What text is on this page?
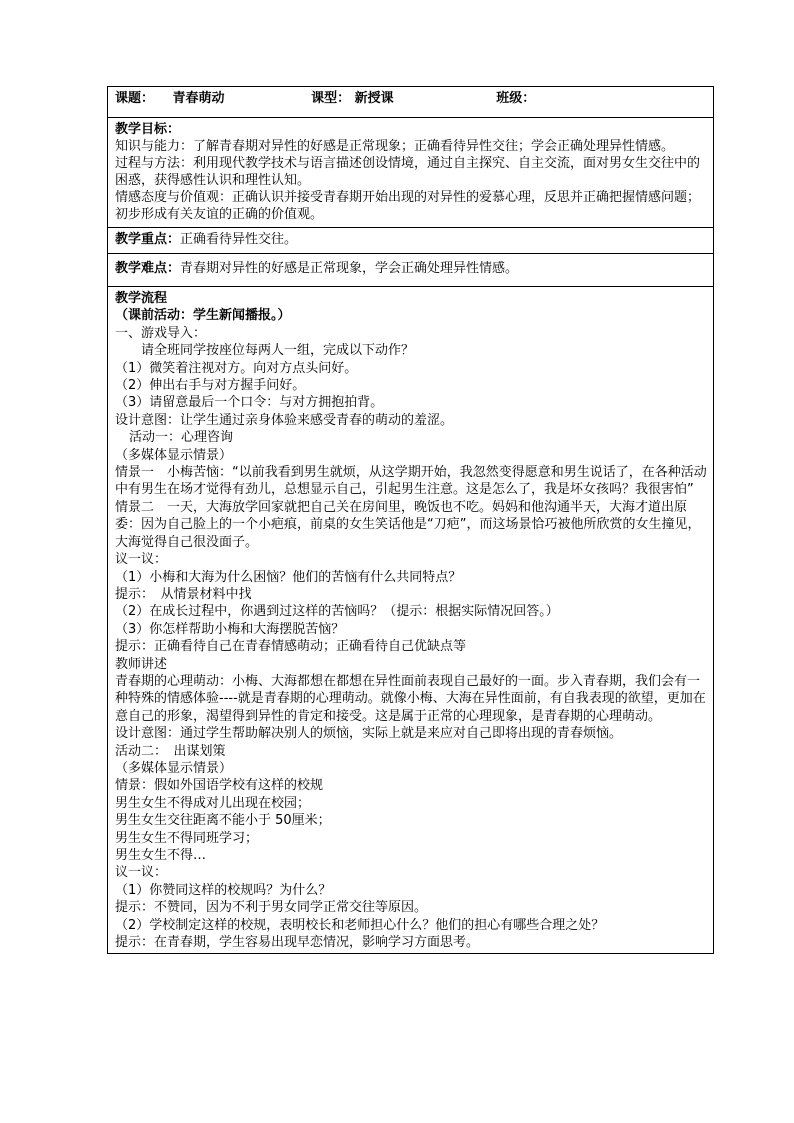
课题： 青春萌动	课型： 新授课	班级：

教学目标：
知识与能力：了解青春期对异性的好感是正常现象；正确看待异性交往；学会正确处理异性情感。
过程与方法：利用现代教学技术与语言描述创设情境，通过自主探究、自主交流，面对男女生交往中的困惑，获得感性认识和理性认知。
情感态度与价值观：正确认识并接受青春期开始出现的对异性的爱慕心理，反思并正确把握情感问题；初步形成有关友谊的正确的价值观。

教学重点：正确看待异性交往。
教学难点：青春期对异性的好感是正常现象，学会正确处理异性情感。

教学流程
（课前活动：学生新闻播报。）
一、游戏导入：
请全班同学按座位每两人一组，完成以下动作？
（1）微笑着注视对方。向对方点头问好。
（2）伸出右手与对方握手问好。
（3）请留意最后一个口令：与对方拥抱拍背。
设计意图：让学生通过亲身体验来感受青春的萌动的羞涩。
活动一：心理咨询
（多媒体显示情景）
情景一　小梅苦恼：“以前我看到男生就烦，从这学期开始，我忽然变得愿意和男生说话了，在各种活动中有男生在场才觉得有劲儿，总想显示自己，引起男生注意。这是怎么了，我是坏女孩吗？我很害怕”
情景二　一天，大海放学回家就把自己关在房间里，晚饭也不吃。妈妈和他沟通半天，大海才道出原委：因为自己脸上的一个小疤痕，前桌的女生笑话他是“刀疤”，而这场景恰巧被他所欣赏的女生撞见，大海觉得自己很没面子。
议一议：
（1）小梅和大海为什么困恼？他们的苦恼有什么共同特点？
提示：　从情景材料中找
（2）在成长过程中，你遇到过这样的苦恼吗？（提示：根据实际情况回答。）
（3）你怎样帮助小梅和大海摆脱苦恼？
提示：正确看待自己在青春情感萌动；正确看待自己优缺点等
教师讲述
青春期的心理萌动：小梅、大海都想在都想在异性面前表现自己最好的一面。步入青春期，我们会有一种特殊的情感体验----就是青春期的心理萌动。就像小梅、大海在异性面前，有自我表现的欲望，更加在意自己的形象，渴望得到异性的肯定和接受。这是属于正常的心理现象，是青春期的心理萌动。
设计意图：通过学生帮助解决别人的烦恼，实际上就是来应对自己即将出现的青春烦恼。
活动二：　出谋划策
（多媒体显示情景）
情景：假如外国语学校有这样的校规
男生女生不得成对儿出现在校园；
男生女生交往距离不能小于 50厘米；
男生女生不得同班学习；
男生女生不得…
议一议：
（1）你赞同这样的校规吗？为什么？
提示：不赞同，因为不利于男女同学正常交往等原因。
（2）学校制定这样的校规，表明校长和老师担心什么？他们的担心有哪些合理之处？
提示：在青春期，学生容易出现早恋情况，影响学习方面思考。
